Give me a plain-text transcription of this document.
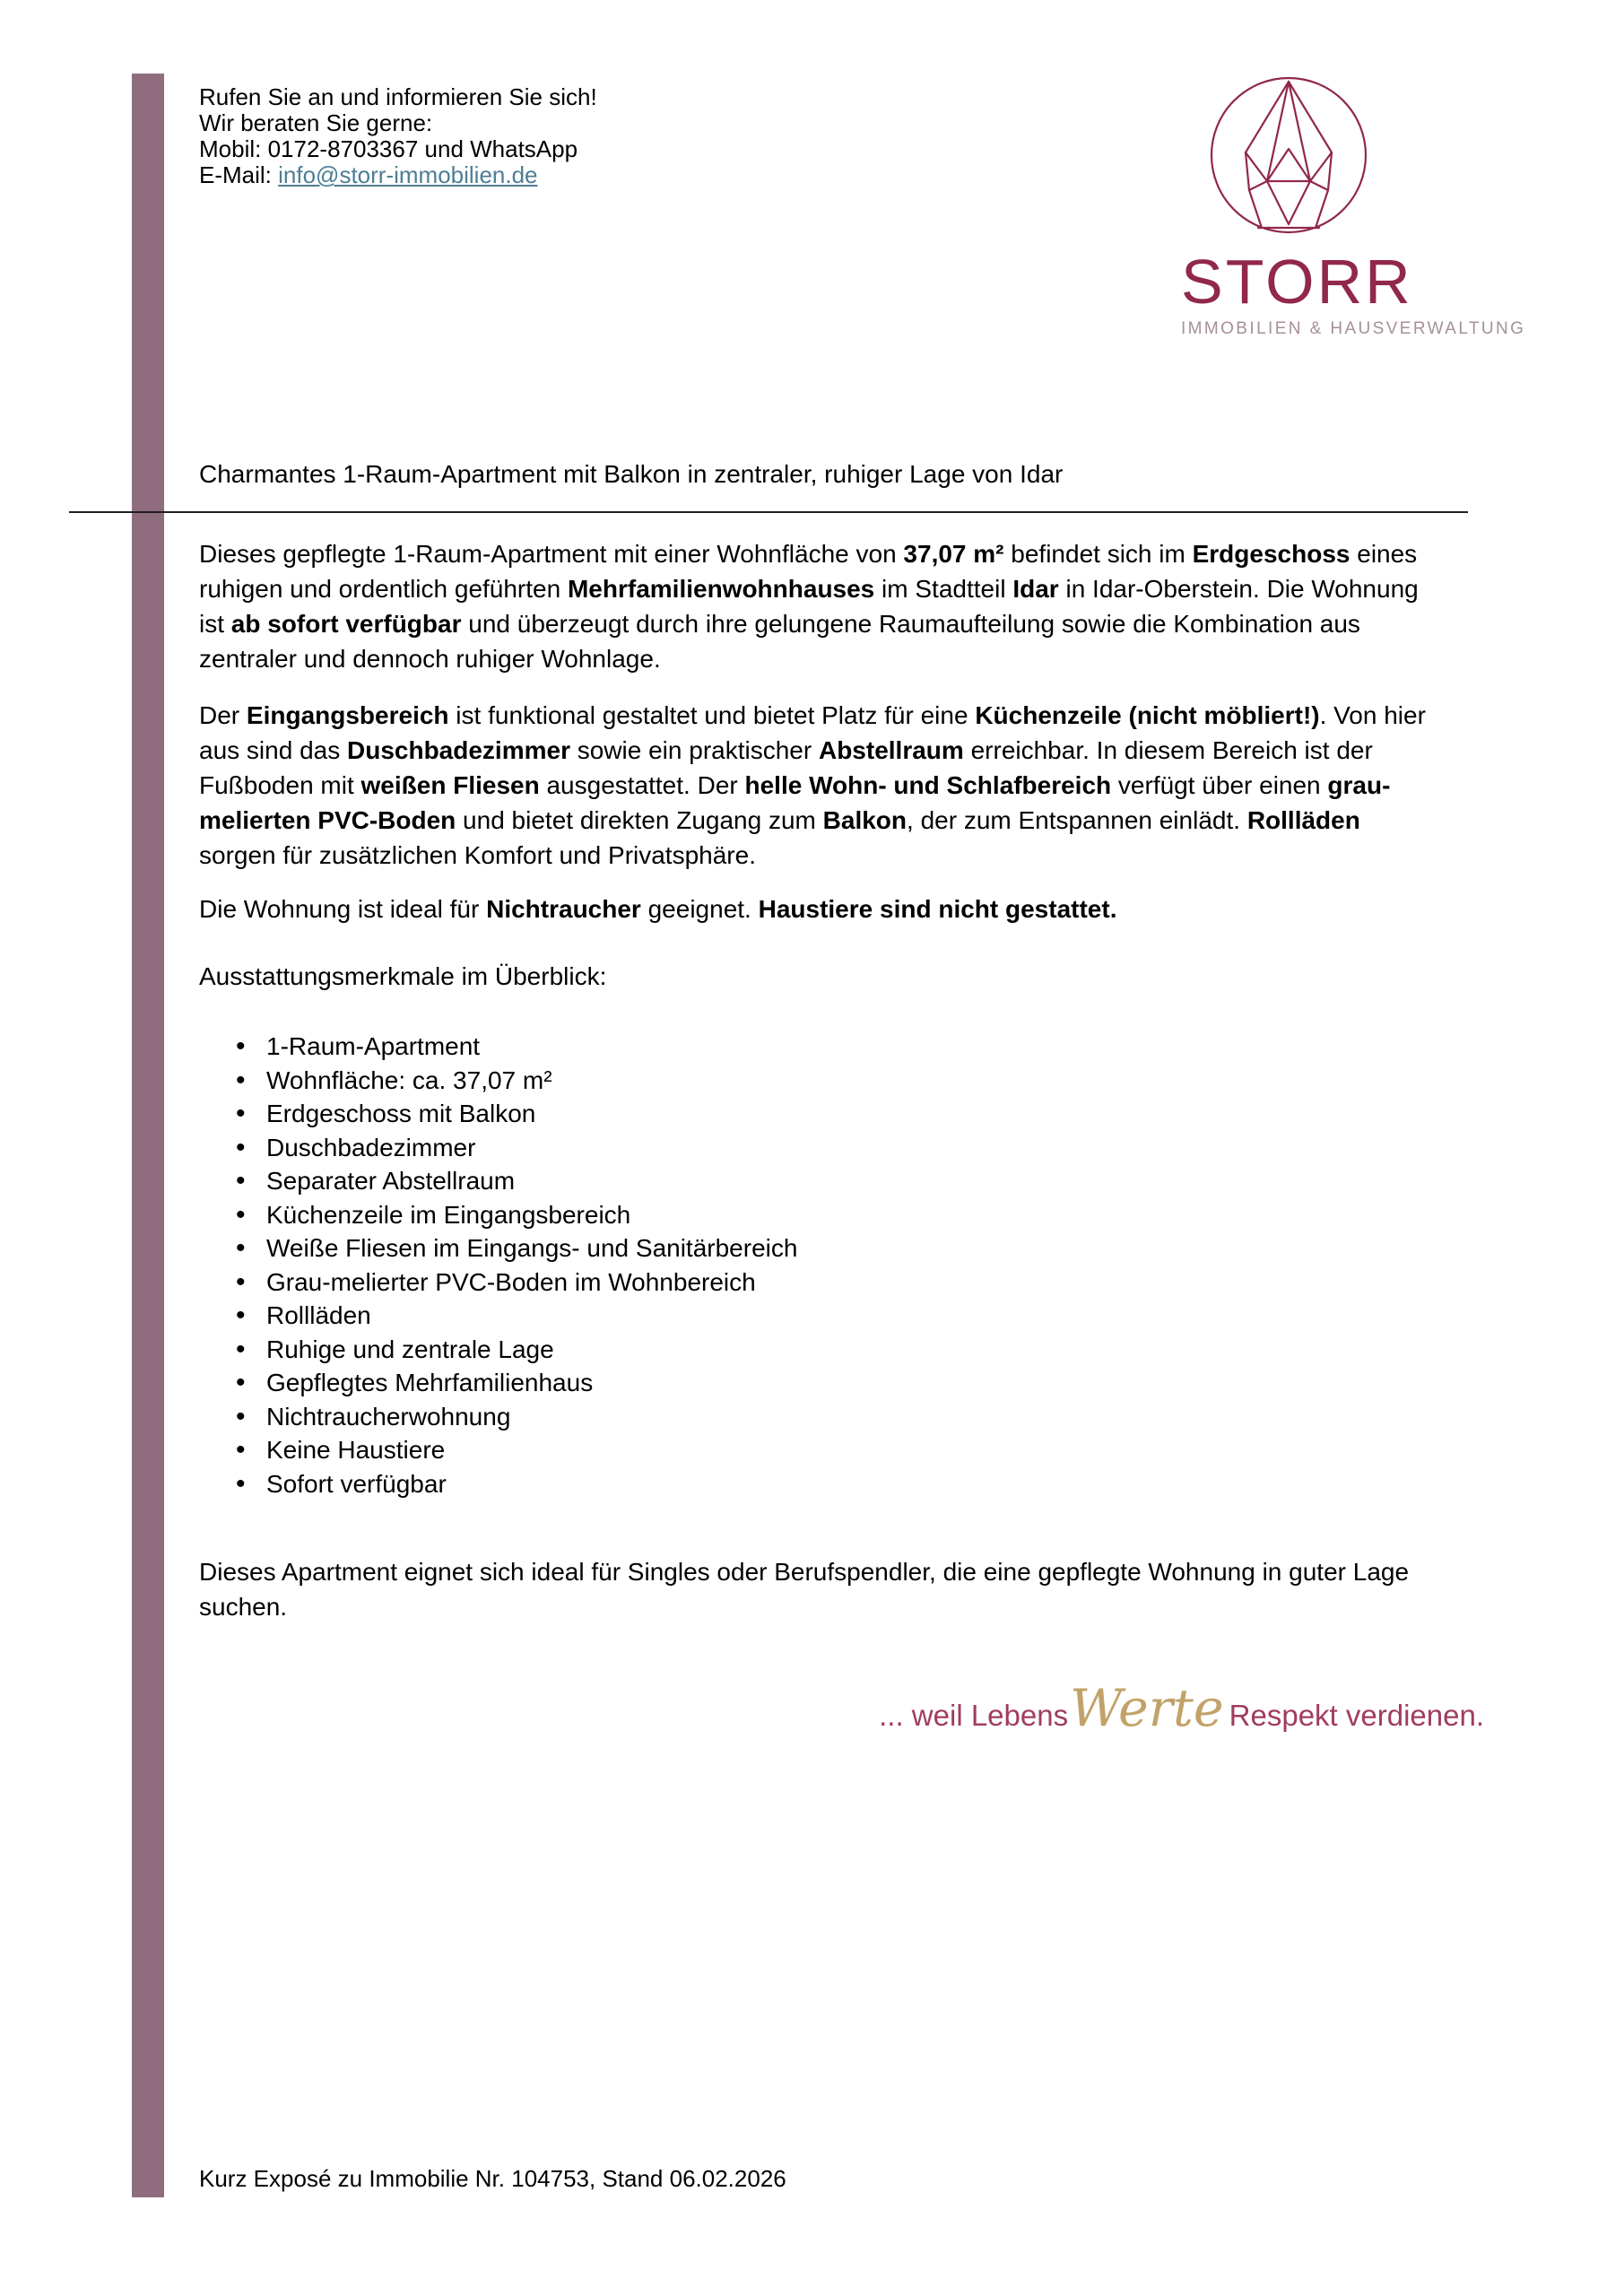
Rufen Sie an und informieren Sie sich!
Wir beraten Sie gerne:
Mobil: 0172-8703367 und WhatsApp
E-Mail: info@storr-immobilien.de
STORR
IMMOBILIEN & HAUSVERWALTUNG
Charmantes 1-Raum-Apartment mit Balkon in zentraler, ruhiger Lage von Idar

Dieses gepflegte 1-Raum-Apartment mit einer Wohnfläche von 37,07 m² befindet sich im Erdgeschoss eines ruhigen und ordentlich geführten Mehrfamilienwohnhauses im Stadtteil Idar in Idar-Oberstein. Die Wohnung ist ab sofort verfügbar und überzeugt durch ihre gelungene Raumaufteilung sowie die Kombination aus zentraler und dennoch ruhiger Wohnlage.

Der Eingangsbereich ist funktional gestaltet und bietet Platz für eine Küchenzeile (nicht möbliert!). Von hier aus sind das Duschbadezimmer sowie ein praktischer Abstellraum erreichbar. In diesem Bereich ist der Fußboden mit weißen Fliesen ausgestattet. Der helle Wohn- und Schlafbereich verfügt über einen grau-melierten PVC-Boden und bietet direkten Zugang zum Balkon, der zum Entspannen einlädt. Rollläden sorgen für zusätzlichen Komfort und Privatsphäre.

Die Wohnung ist ideal für Nichtraucher geeignet. Haustiere sind nicht gestattet.

Ausstattungsmerkmale im Überblick:

• 1-Raum-Apartment
• Wohnfläche: ca. 37,07 m²
• Erdgeschoss mit Balkon
• Duschbadezimmer
• Separater Abstellraum
• Küchenzeile im Eingangsbereich
• Weiße Fliesen im Eingangs- und Sanitärbereich
• Grau-melierter PVC-Boden im Wohnbereich
• Rollläden
• Ruhige und zentrale Lage
• Gepflegtes Mehrfamilienhaus
• Nichtraucherwohnung
• Keine Haustiere
• Sofort verfügbar

Dieses Apartment eignet sich ideal für Singles oder Berufspendler, die eine gepflegte Wohnung in guter Lage suchen.

... weil Lebens Werte Respekt verdienen.
Kurz Exposé zu Immobilie Nr. 104753, Stand 06.02.2026
